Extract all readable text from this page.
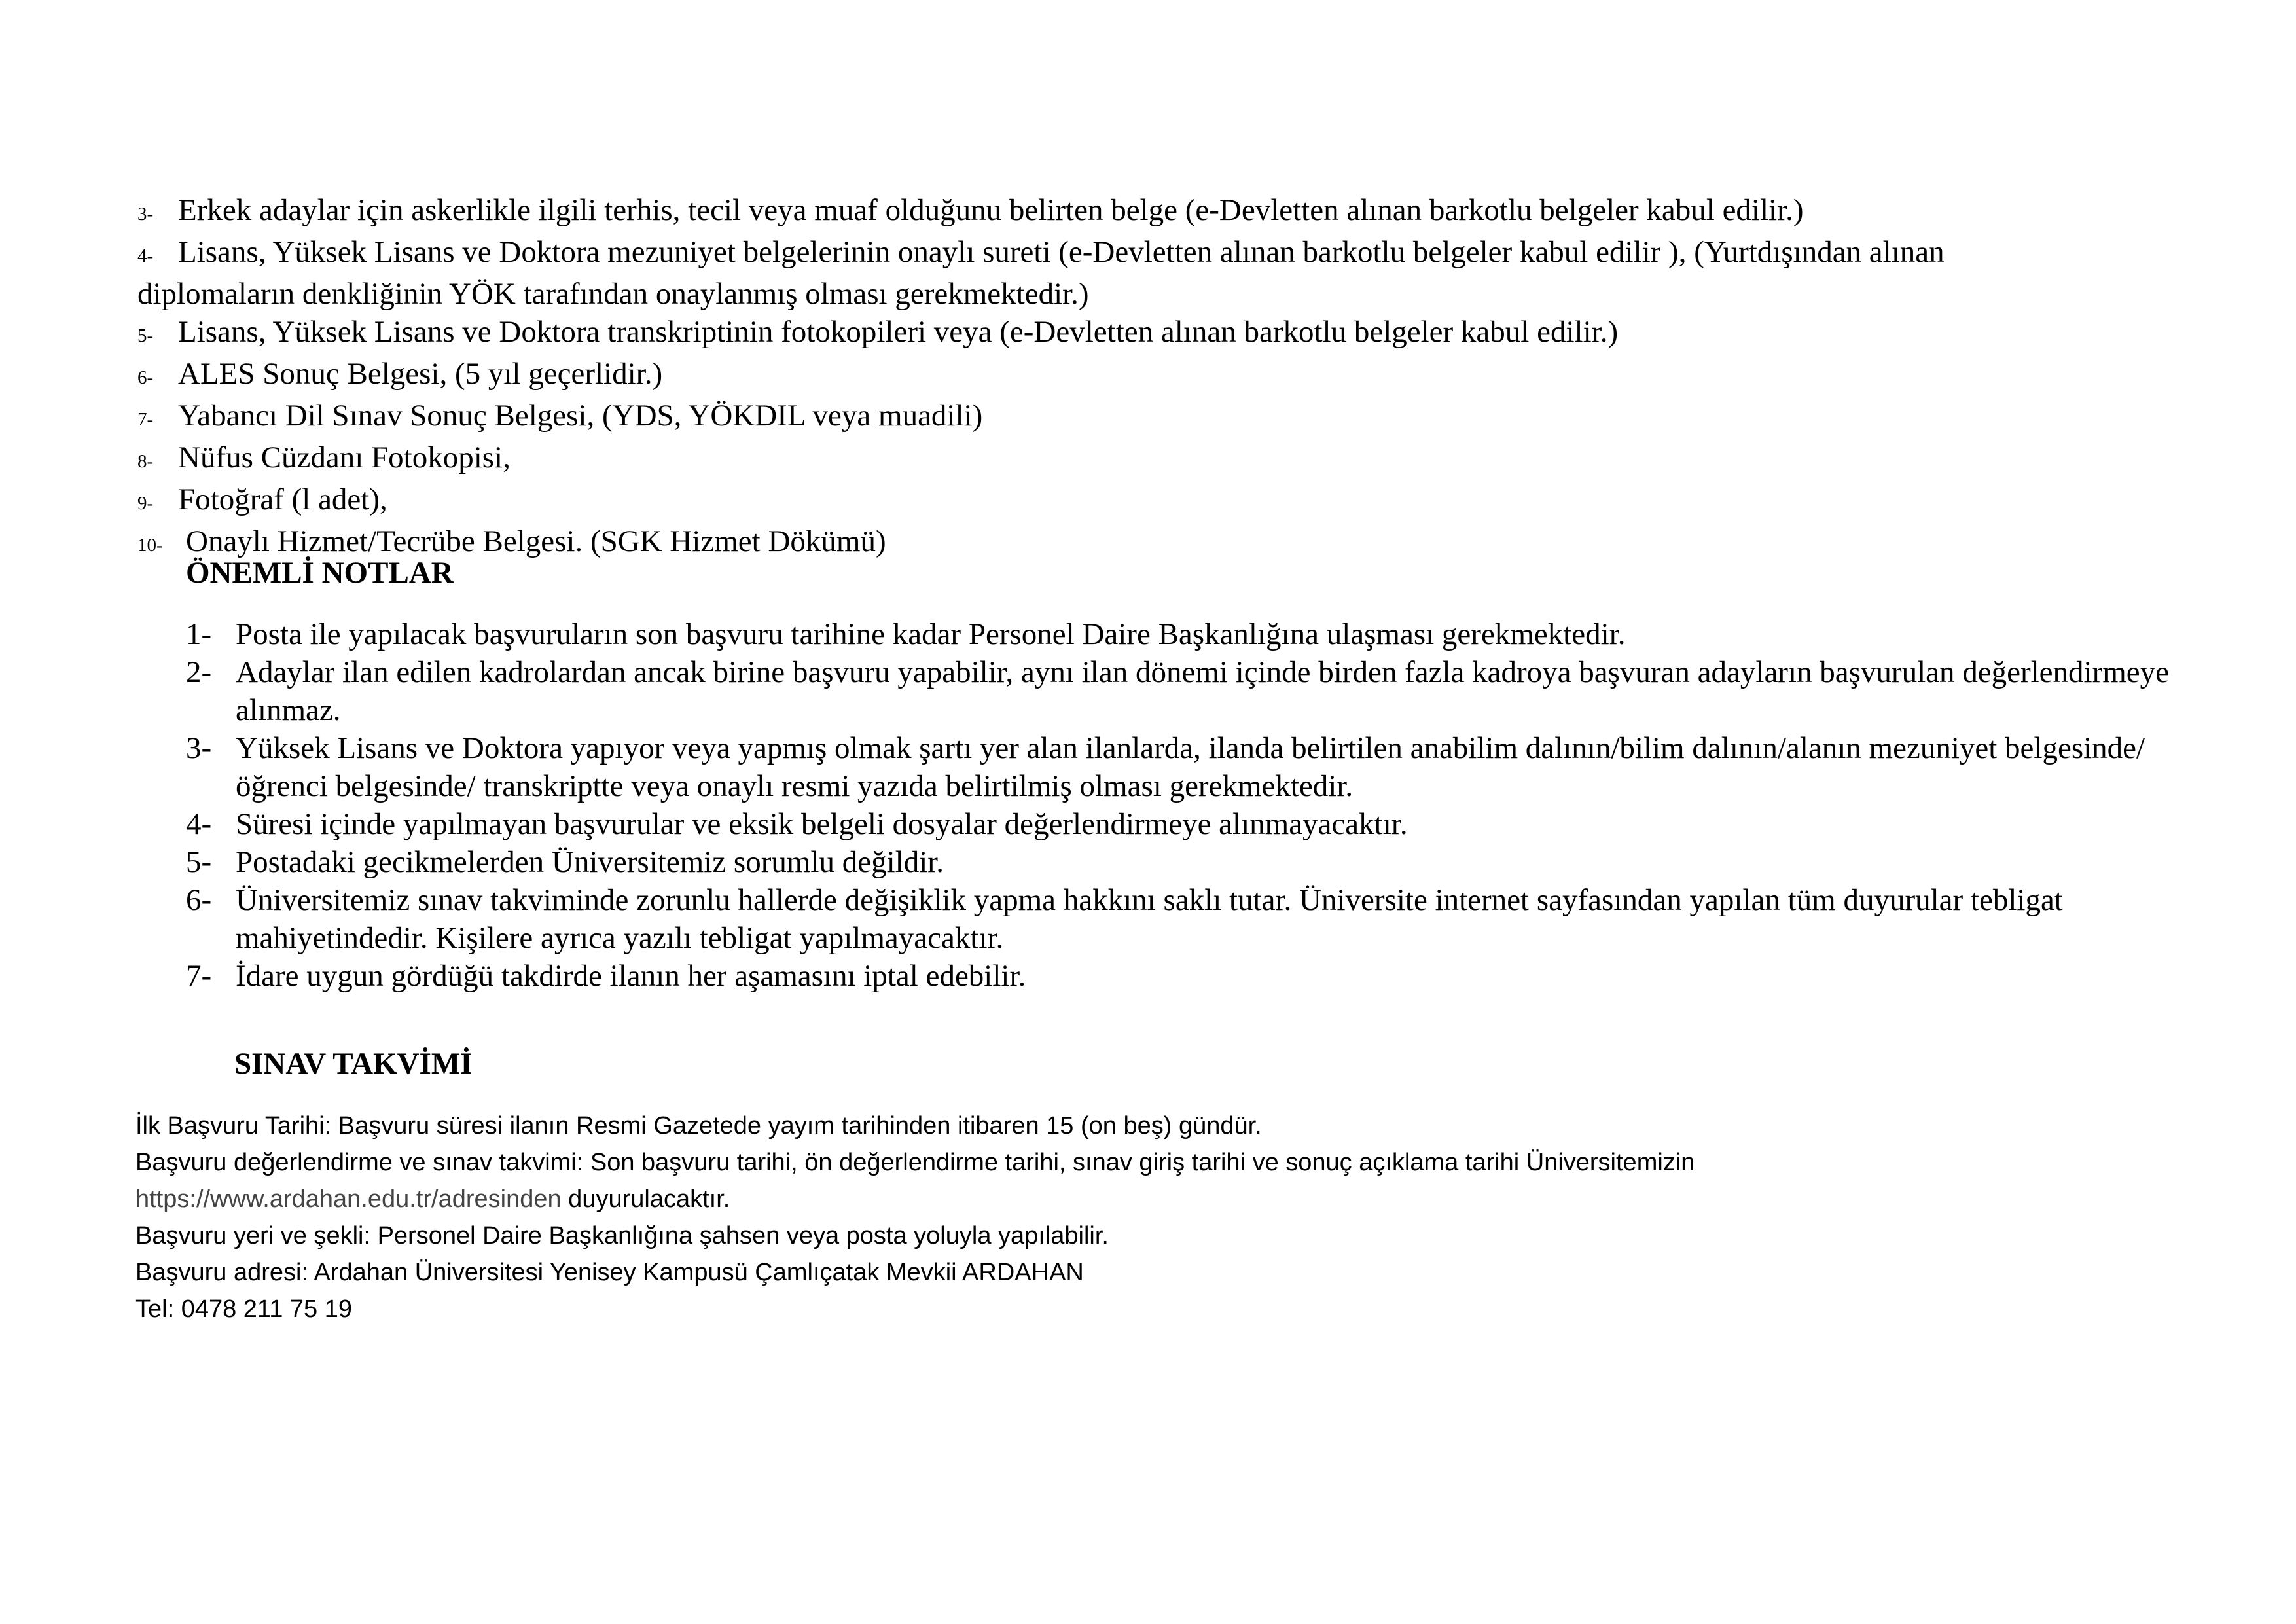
3- Erkek adaylar için askerlikle ilgili terhis, tecil veya muaf olduğunu belirten belge (e-Devletten alınan barkotlu belgeler kabul edilir.)
4- Lisans, Yüksek Lisans ve Doktora mezuniyet belgelerinin onaylı sureti (e-Devletten alınan barkotlu belgeler kabul edilir ), (Yurtdışından alınan
diplomaların denkliğinin YÖK tarafından onaylanmış olması gerekmektedir.)
5- Lisans, Yüksek Lisans ve Doktora transkriptinin fotokopileri veya (e-Devletten alınan barkotlu belgeler kabul edilir.)
6- ALES Sonuç Belgesi, (5 yıl geçerlidir.)
7- Yabancı Dil Sınav Sonuç Belgesi, (YDS, YÖKDIL veya muadili)
8- Nüfus Cüzdanı Fotokopisi,
9- Fotoğraf (l adet),
10- Onaylı Hizmet/Tecrübe Belgesi. (SGK Hizmet Dökümü)
ÖNEMLİ NOTLAR
1- Posta ile yapılacak başvuruların son başvuru tarihine kadar Personel Daire Başkanlığına ulaşması gerekmektedir.
2- Adaylar ilan edilen kadrolardan ancak birine başvuru yapabilir, aynı ilan dönemi içinde birden fazla kadroya başvuran adayların başvurulan değerlendirmeye alınmaz.
3- Yüksek Lisans ve Doktora yapıyor veya yapmış olmak şartı yer alan ilanlarda, ilanda belirtilen anabilim dalının/bilim dalının/alanın mezuniyet belgesinde/öğrenci belgesinde/ transkriptte veya onaylı resmi yazıda belirtilmiş olması gerekmektedir.
4- Süresi içinde yapılmayan başvurular ve eksik belgeli dosyalar değerlendirmeye alınmayacaktır.
5- Postadaki gecikmelerden Üniversitemiz sorumlu değildir.
6- Üniversitemiz sınav takviminde zorunlu hallerde değişiklik yapma hakkını saklı tutar. Üniversite internet sayfasından yapılan tüm duyurular tebligat mahiyetindedir. Kişilere ayrıca yazılı tebligat yapılmayacaktır.
7- İdare uygun gördüğü takdirde ilanın her aşamasını iptal edebilir.
SINAV TAKVİMİ
İlk Başvuru Tarihi: Başvuru süresi ilanın Resmi Gazetede yayım tarihinden itibaren 15 (on beş) gündür.
Başvuru değerlendirme ve sınav takvimi: Son başvuru tarihi, ön değerlendirme tarihi, sınav giriş tarihi ve sonuç açıklama tarihi Üniversitemizin
https://www.ardahan.edu.tr/adresinden duyurulacaktır.
Başvuru yeri ve şekli: Personel Daire Başkanlığına şahsen veya posta yoluyla yapılabilir.
Başvuru adresi: Ardahan Üniversitesi Yenisey Kampusü Çamlıçatak Mevkii ARDAHAN
Tel: 0478 211 75 19
